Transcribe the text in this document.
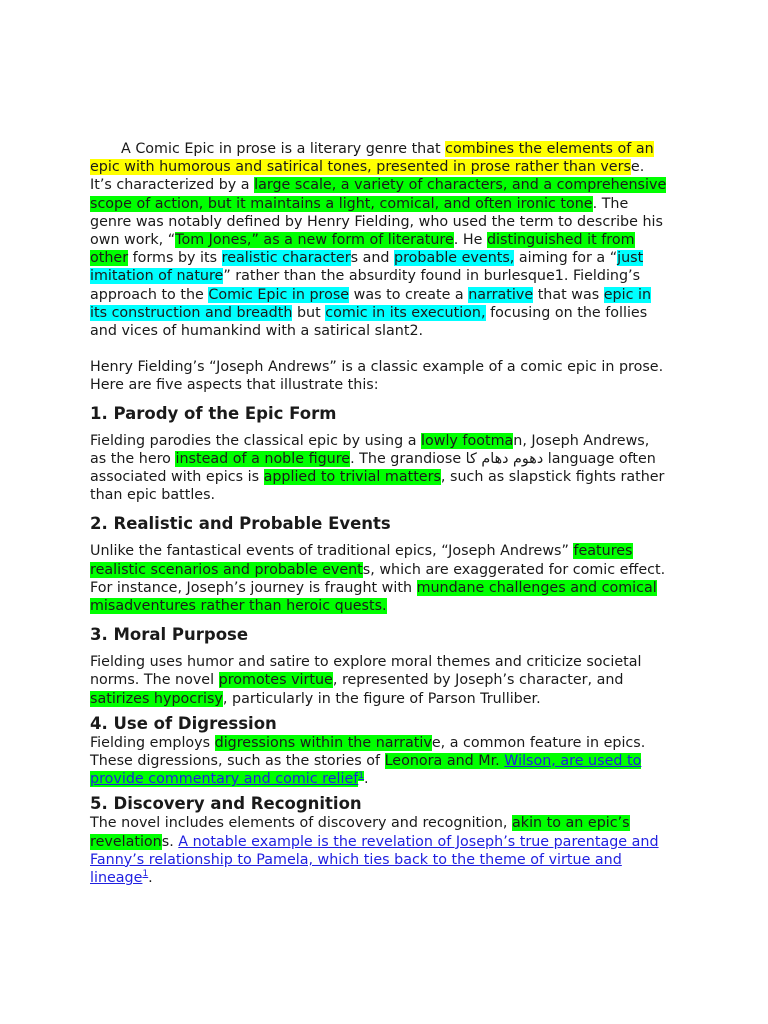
A Comic Epic in prose is a literary genre that combines the elements of an epic with humorous and satirical tones, presented in prose rather than verse. It’s characterized by a large scale, a variety of characters, and a comprehensive scope of action, but it maintains a light, comical, and often ironic tone. The genre was notably defined by Henry Fielding, who used the term to describe his own work, “Tom Jones,” as a new form of literature. He distinguished it from other forms by its realistic characters and probable events, aiming for a “just imitation of nature” rather than the absurdity found in burlesque1. Fielding’s approach to the Comic Epic in prose was to create a narrative that was epic in its construction and breadth but comic in its execution, focusing on the follies and vices of humankind with a satirical slant2.

Henry Fielding’s “Joseph Andrews” is a classic example of a comic epic in prose. Here are five aspects that illustrate this:

1. Parody of the Epic Form

Fielding parodies the classical epic by using a lowly footman, Joseph Andrews, as the hero instead of a noble figure. The grandiose دھوم دھام کا language often associated with epics is applied to trivial matters, such as slapstick fights rather than epic battles.

2. Realistic and Probable Events

Unlike the fantastical events of traditional epics, “Joseph Andrews” features realistic scenarios and probable events, which are exaggerated for comic effect. For instance, Joseph’s journey is fraught with mundane challenges and comical misadventures rather than heroic quests.

3. Moral Purpose

Fielding uses humor and satire to explore moral themes and criticize societal norms. The novel promotes virtue, represented by Joseph’s character, and satirizes hypocrisy, particularly in the figure of Parson Trulliber.

4. Use of Digression

Fielding employs digressions within the narrative, a common feature in epics. These digressions, such as the stories of Leonora and Mr. Wilson, are used to provide commentary and comic relief$^1$.

5. Discovery and Recognition

The novel includes elements of discovery and recognition, akin to an epic’s revelations. A notable example is the revelation of Joseph’s true parentage and Fanny’s relationship to Pamela, which ties back to the theme of virtue and lineage$^1$.
